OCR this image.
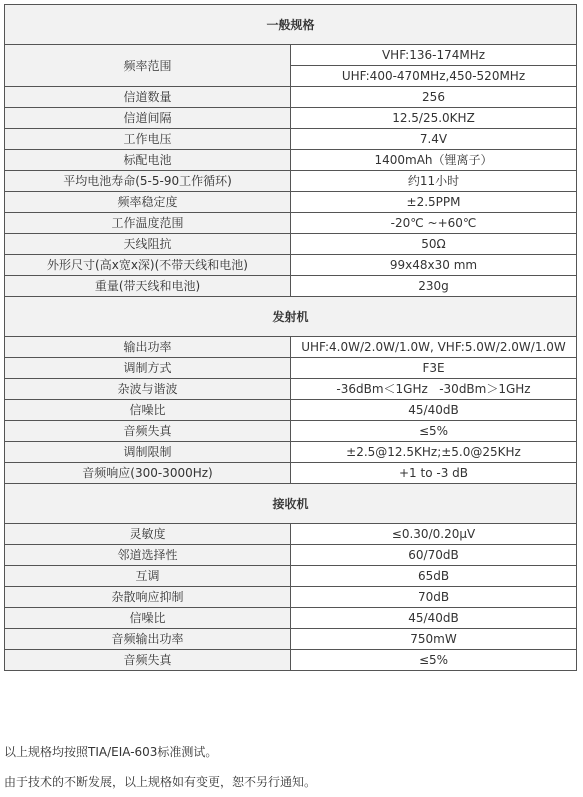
一般规格	
频率范围	VHF:136-174MHz
	UHF:400-470MHz,450-520MHz
信道数量	256
信道间隔	12.5/25.0KHZ
工作电压	7.4V
标配电池	1400mAh（锂离子）
平均电池寿命(5-5-90工作循环)	约11小时
频率稳定度	±2.5PPM
工作温度范围	-20℃ ~+60℃
天线阻抗	50Ω
外形尺寸(高x宽x深)(不带天线和电池)	99x48x30 mm
重量(带天线和电池)	230g
发射机	
输出功率	UHF:4.0W/2.0W/1.0W, VHF:5.0W/2.0W/1.0W
调制方式	F3E
杂波与谐波	-36dBm＜1GHz   -30dBm＞1GHz
信噪比	45/40dB
音频失真	≤5%
调制限制	±2.5@12.5KHz;±5.0@25KHz
音频响应(300-3000Hz)	+1 to -3 dB
接收机	
灵敏度	≤0.30/0.20μV
邻道选择性	60/70dB
互调	65dB
杂散响应抑制	70dB
信噪比	45/40dB
音频输出功率	750mW
音频失真	≤5%

以上规格均按照TIA/EIA-603标准测试。

由于技术的不断发展，以上规格如有变更，恕不另行通知。
